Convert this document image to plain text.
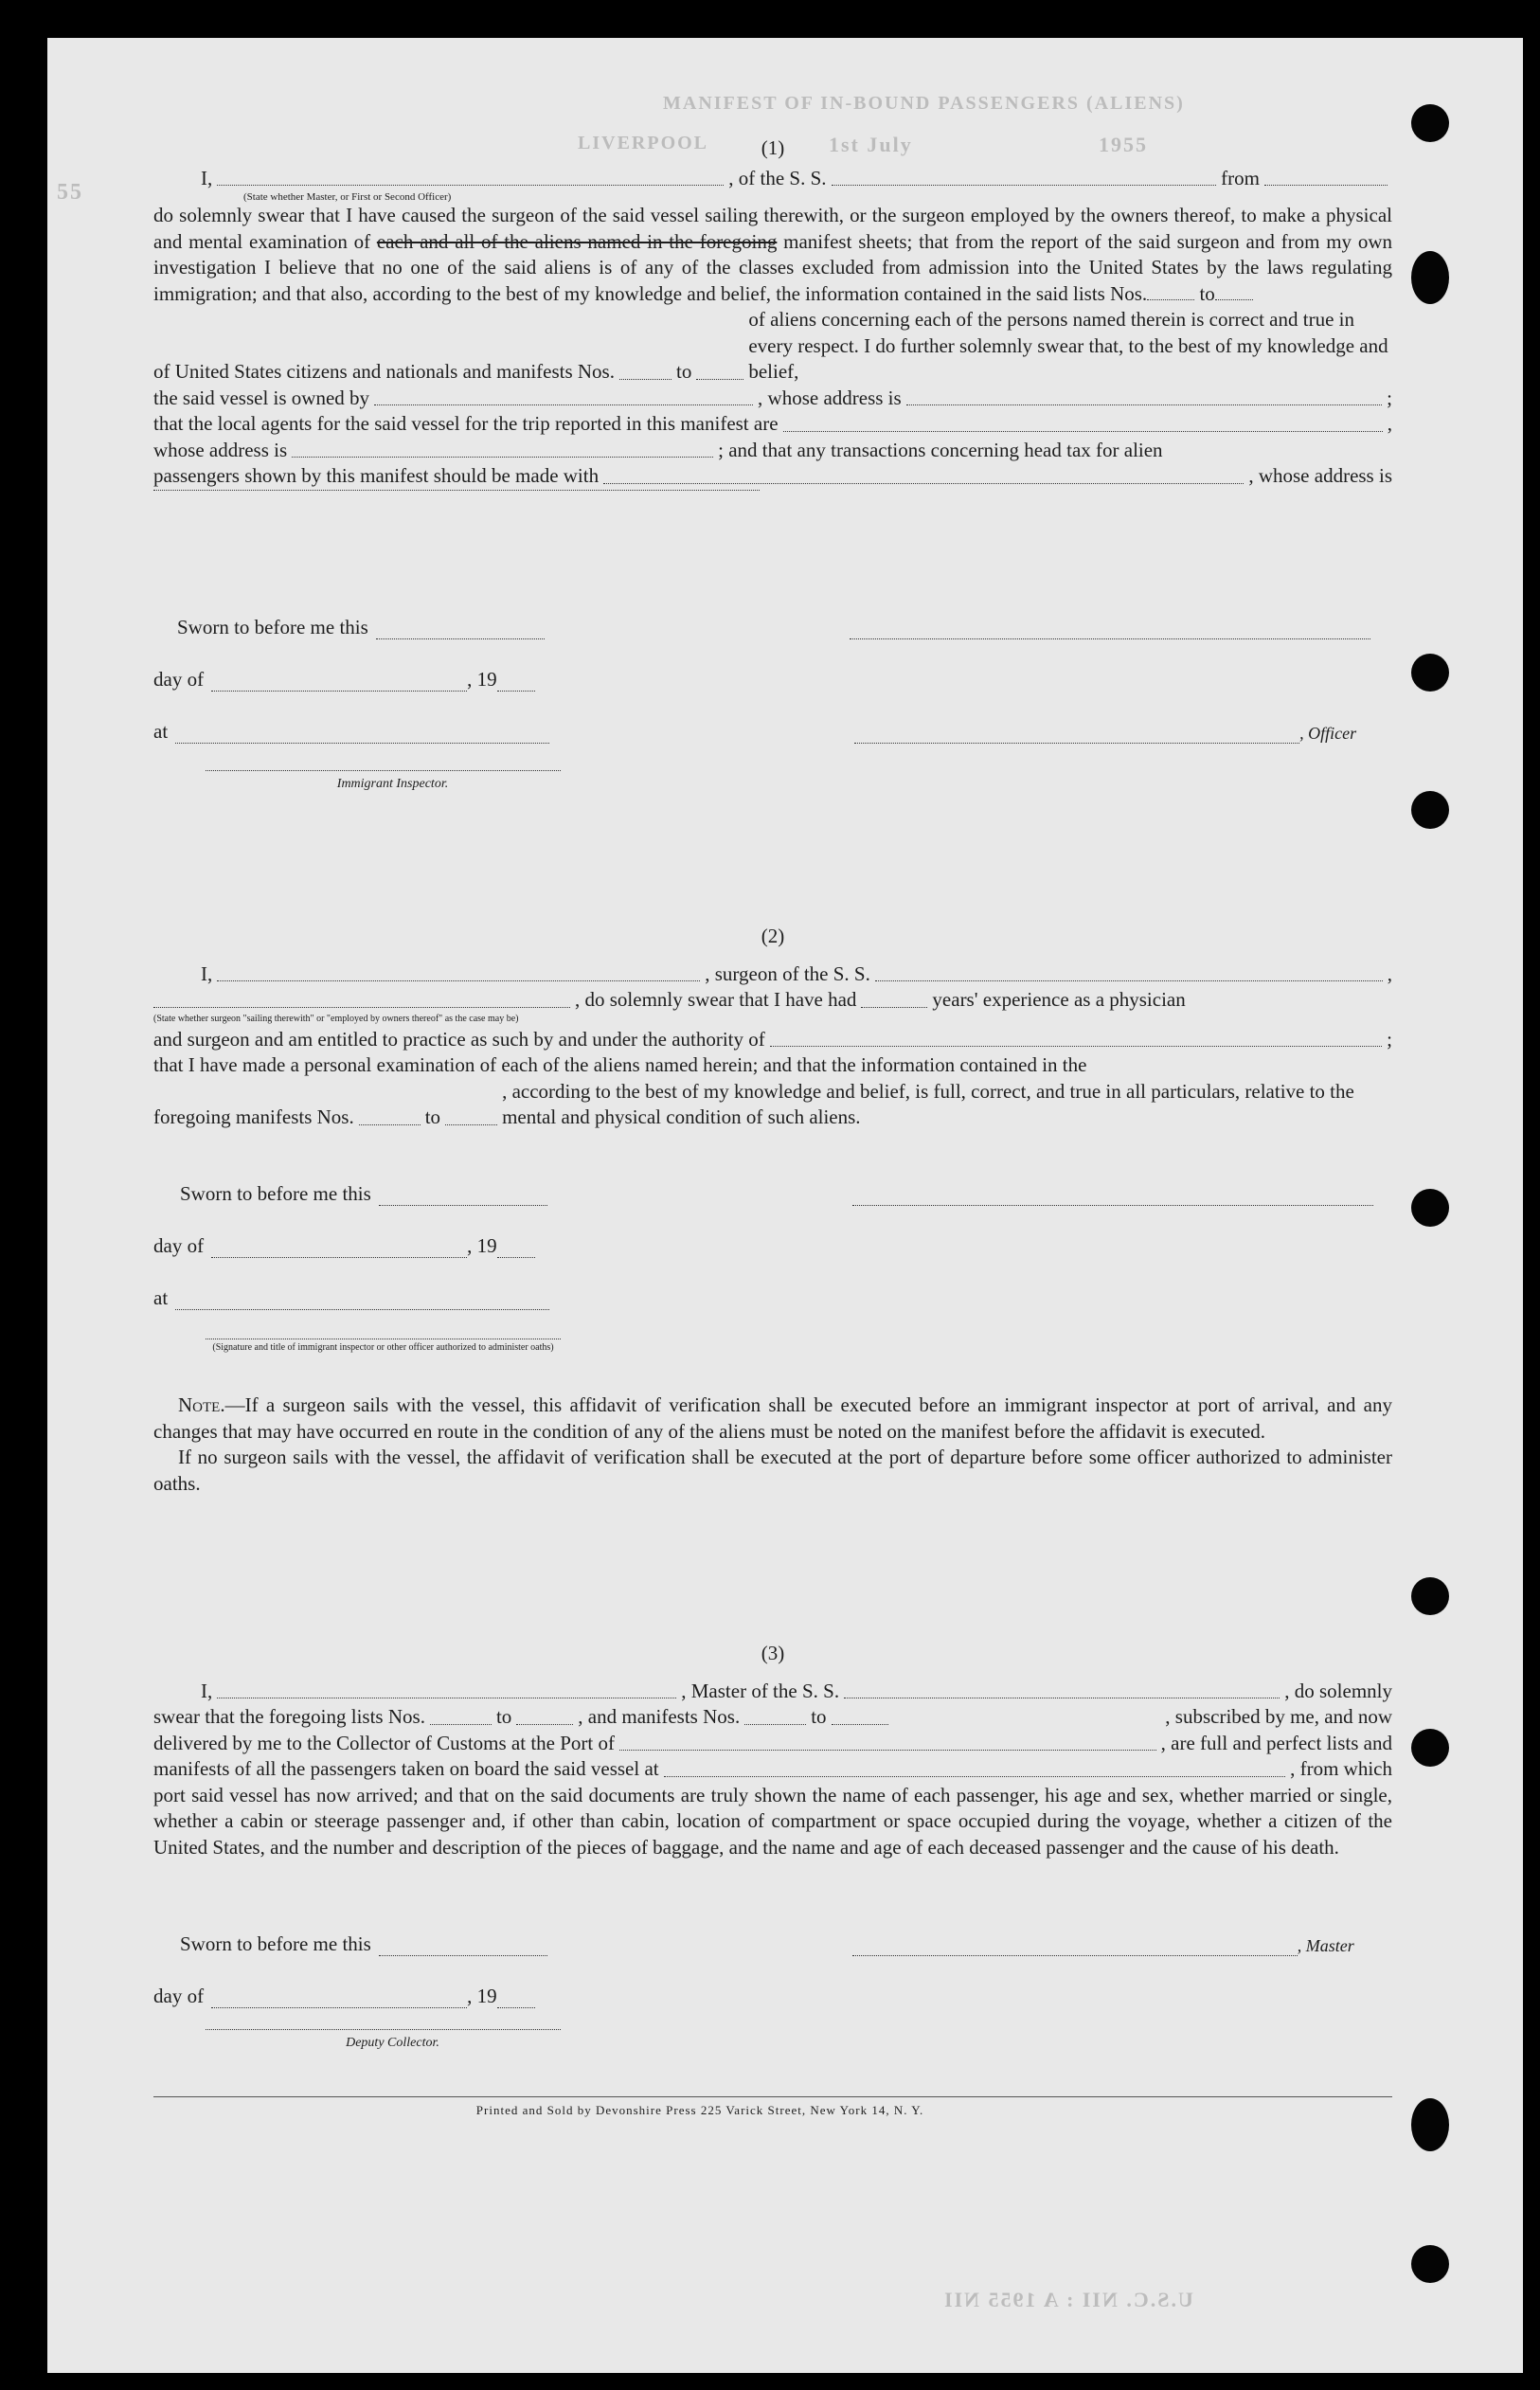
MANIFEST OF IN-BOUND PASSENGERS (ALIENS)
LIVERPOOL	1st July	1955
55
(1)
I,	, of the S. S.	from
(State whether Master, or First or Second Officer)

do solemnly swear that I have caused the surgeon of the said vessel sailing therewith, or the surgeon employed by the owners thereof, to make a physical and mental examination of each and all of the aliens named in the foregoing manifest sheets; that from the report of the said surgeon and from my own investigation I believe that no one of the said aliens is of any of the classes excluded from admission into the United States by the laws regulating immigration; and that also, according to the best of my knowledge and belief, the information contained in the said lists Nos.	to

of United States citizens and nationals and manifests Nos.	to
of aliens concerning each of the persons named therein is correct and true in every respect. I do further solemnly swear that, to the best of my knowledge and belief,
the said vessel is owned by	, whose address is	;
that the local agents for the said vessel for the trip reported in this manifest are	,
whose address is	; and that any transactions concerning head tax for alien
passengers shown by this manifest should be made with	, whose address is
Sworn to before me this
day of	, 19
at	, Officer
Immigrant Inspector.
(2)
I,	, surgeon of the S. S.	,
, do solemnly swear that I have had	years' experience as a physician
(State whether surgeon "sailing therewith" or "employed by owners thereof" as the case may be)
and surgeon and am entitled to practice as such by and under the authority of	;

that I have made a personal examination of each of the aliens named herein; and that the information contained in the

foregoing manifests Nos.	to
, according to the best of my knowledge and belief, is full, correct, and true in all particulars, relative to the mental and physical condition of such aliens.
Sworn to before me this
day of	, 19
at
(Signature and title of immigrant inspector or other officer authorized to administer oaths)

Note.—If a surgeon sails with the vessel, this affidavit of verification shall be executed before an immigrant inspector at port of arrival, and any changes that may have occurred en route in the condition of any of the aliens must be noted on the manifest before the affidavit is executed.

If no surgeon sails with the vessel, the affidavit of verification shall be executed at the port of departure before some officer authorized to administer oaths.

(3)
I,	, Master of the S. S.	, do solemnly
swear that the foregoing lists Nos.	to	, and manifests Nos.	to	, subscribed by me, and now
delivered by me to the Collector of Customs at the Port of	, are full and perfect lists and
manifests of all the passengers taken on board the said vessel at	, from which

port said vessel has now arrived; and that on the said documents are truly shown the name of each passenger, his age and sex, whether married or single, whether a cabin or steerage passenger and, if other than cabin, location of compartment or space occupied during the voyage, whether a citizen of the United States, and the number and description of the pieces of baggage, and the name and age of each deceased passenger and the cause of his death.

Sworn to before me this	, Master
day of	, 19
Deputy Collector.
Printed and Sold by Devonshire Press 225 Varick Street, New York 14, N. Y.
U.S.C. NII : A 1955 NII
